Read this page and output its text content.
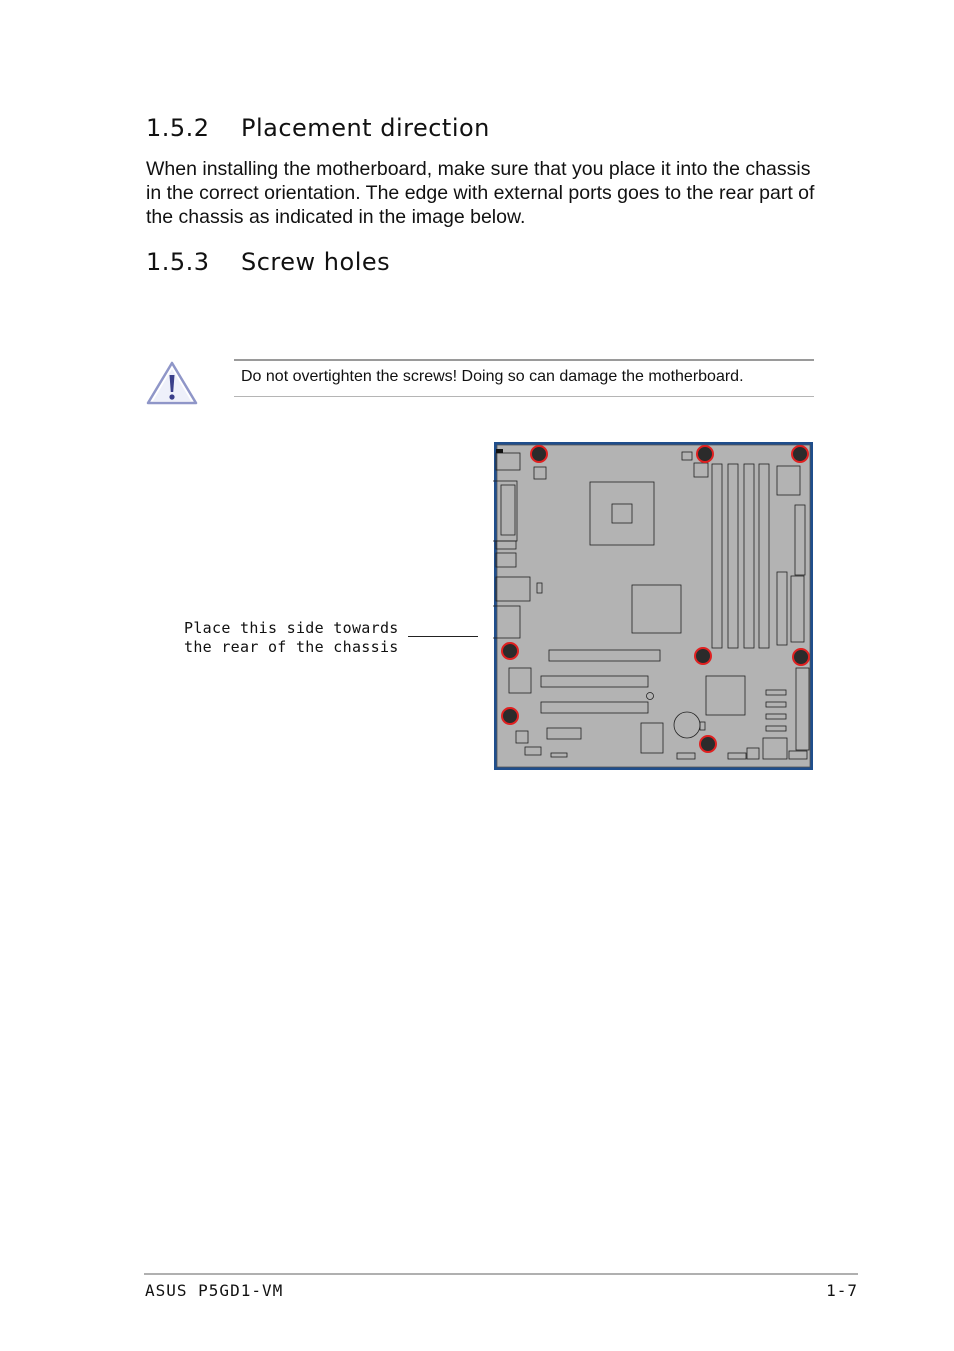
1.5.2 Placement direction

When installing the motherboard, make sure that you place it into the chassis in the correct orientation. The edge with external ports goes to the rear part of the chassis as indicated in the image below.

1.5.3 Screw holes

Do not overtighten the screws! Doing so can damage the motherboard.

Place this side towards
the rear of the chassis

ASUS P5GD1-VM	1-7
